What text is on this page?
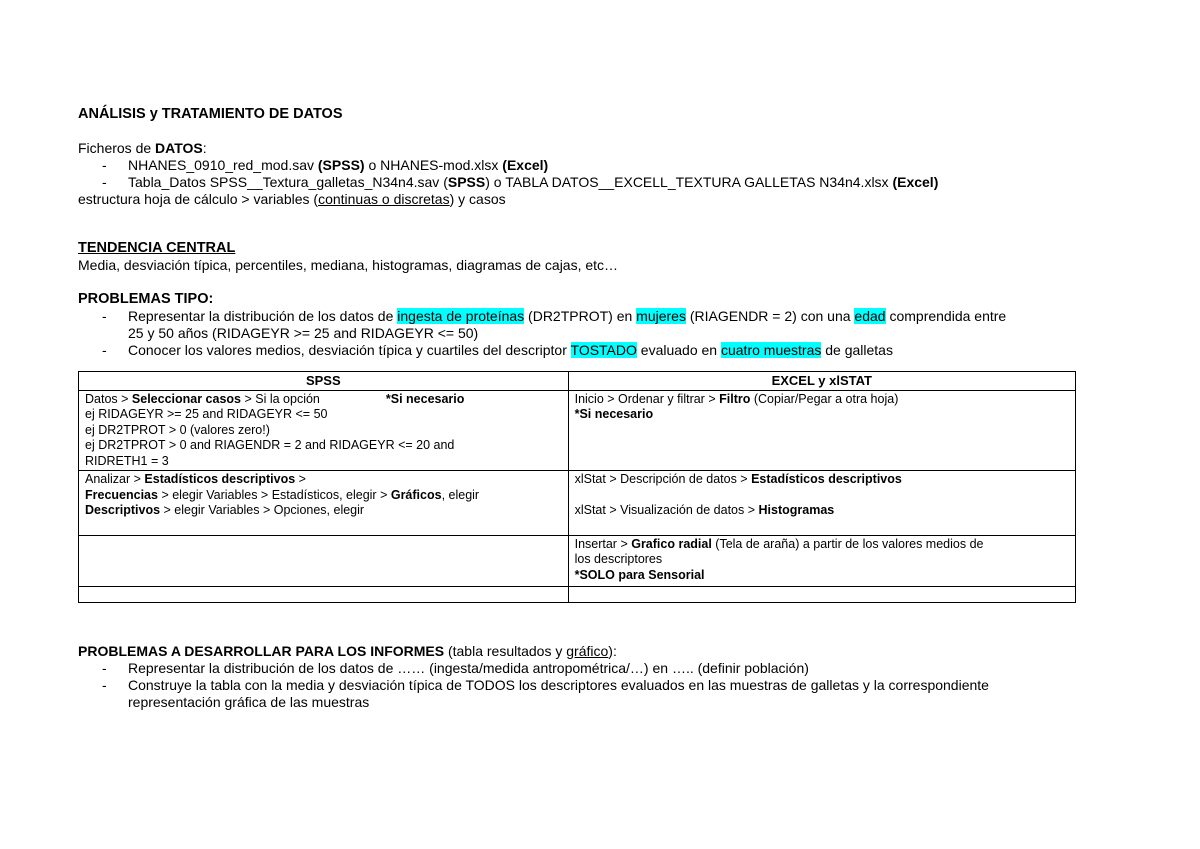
ANÁLISIS y TRATAMIENTO DE DATOS

Ficheros de DATOS:

- NHANES_0910_red_mod.sav (SPSS) o NHANES-mod.xlsx (Excel)
- Tabla_Datos SPSS__Textura_galletas_N34n4.sav (SPSS) o TABLA DATOS__EXCELL_TEXTURA GALLETAS N34n4.xlsx (Excel)

estructura hoja de cálculo > variables (continuas o discretas) y casos

TENDENCIA CENTRAL

Media, desviación típica, percentiles, mediana, histogramas, diagramas de cajas, etc…

PROBLEMAS TIPO:

- Representar la distribución de los datos de ingesta de proteínas (DR2TPROT) en mujeres (RIAGENDR = 2) con una edad comprendida entre
25 y 50 años (RIDAGEYR >= 25 and RIDAGEYR <= 50)
- Conocer los valores medios, desviación típica y cuartiles del descriptor TOSTADO evaluado en cuatro muestras de galletas
SPSS	EXCEL y xlSTAT
Datos > Seleccionar casos > Si la opción *Si necesario
ej RIDAGEYR >= 25 and RIDAGEYR <= 50
ej DR2TPROT > 0 (valores zero!)
ej DR2TPROT > 0 and RIAGENDR = 2 and RIDAGEYR <= 20 and
RIDRETH1 = 3	Inicio > Ordenar y filtrar > Filtro (Copiar/Pegar a otra hoja)
*Si necesario
Analizar > Estadísticos descriptivos >
Frecuencias > elegir Variables > Estadísticos, elegir > Gráficos, elegir
Descriptivos > elegir Variables > Opciones, elegir	xlStat > Descripción de datos > Estadísticos descriptivos

xlStat > Visualización de datos > Histogramas
	Insertar > Grafico radial (Tela de araña) a partir de los valores medios de
los descriptores
*SOLO para Sensorial

PROBLEMAS A DESARROLLAR PARA LOS INFORMES (tabla resultados y gráfico):

- Representar la distribución de los datos de …… (ingesta/medida antropométrica/…) en ….. (definir población)
- Construye la tabla con la media y desviación típica de TODOS los descriptores evaluados en las muestras de galletas y la correspondiente
representación gráfica de las muestras
